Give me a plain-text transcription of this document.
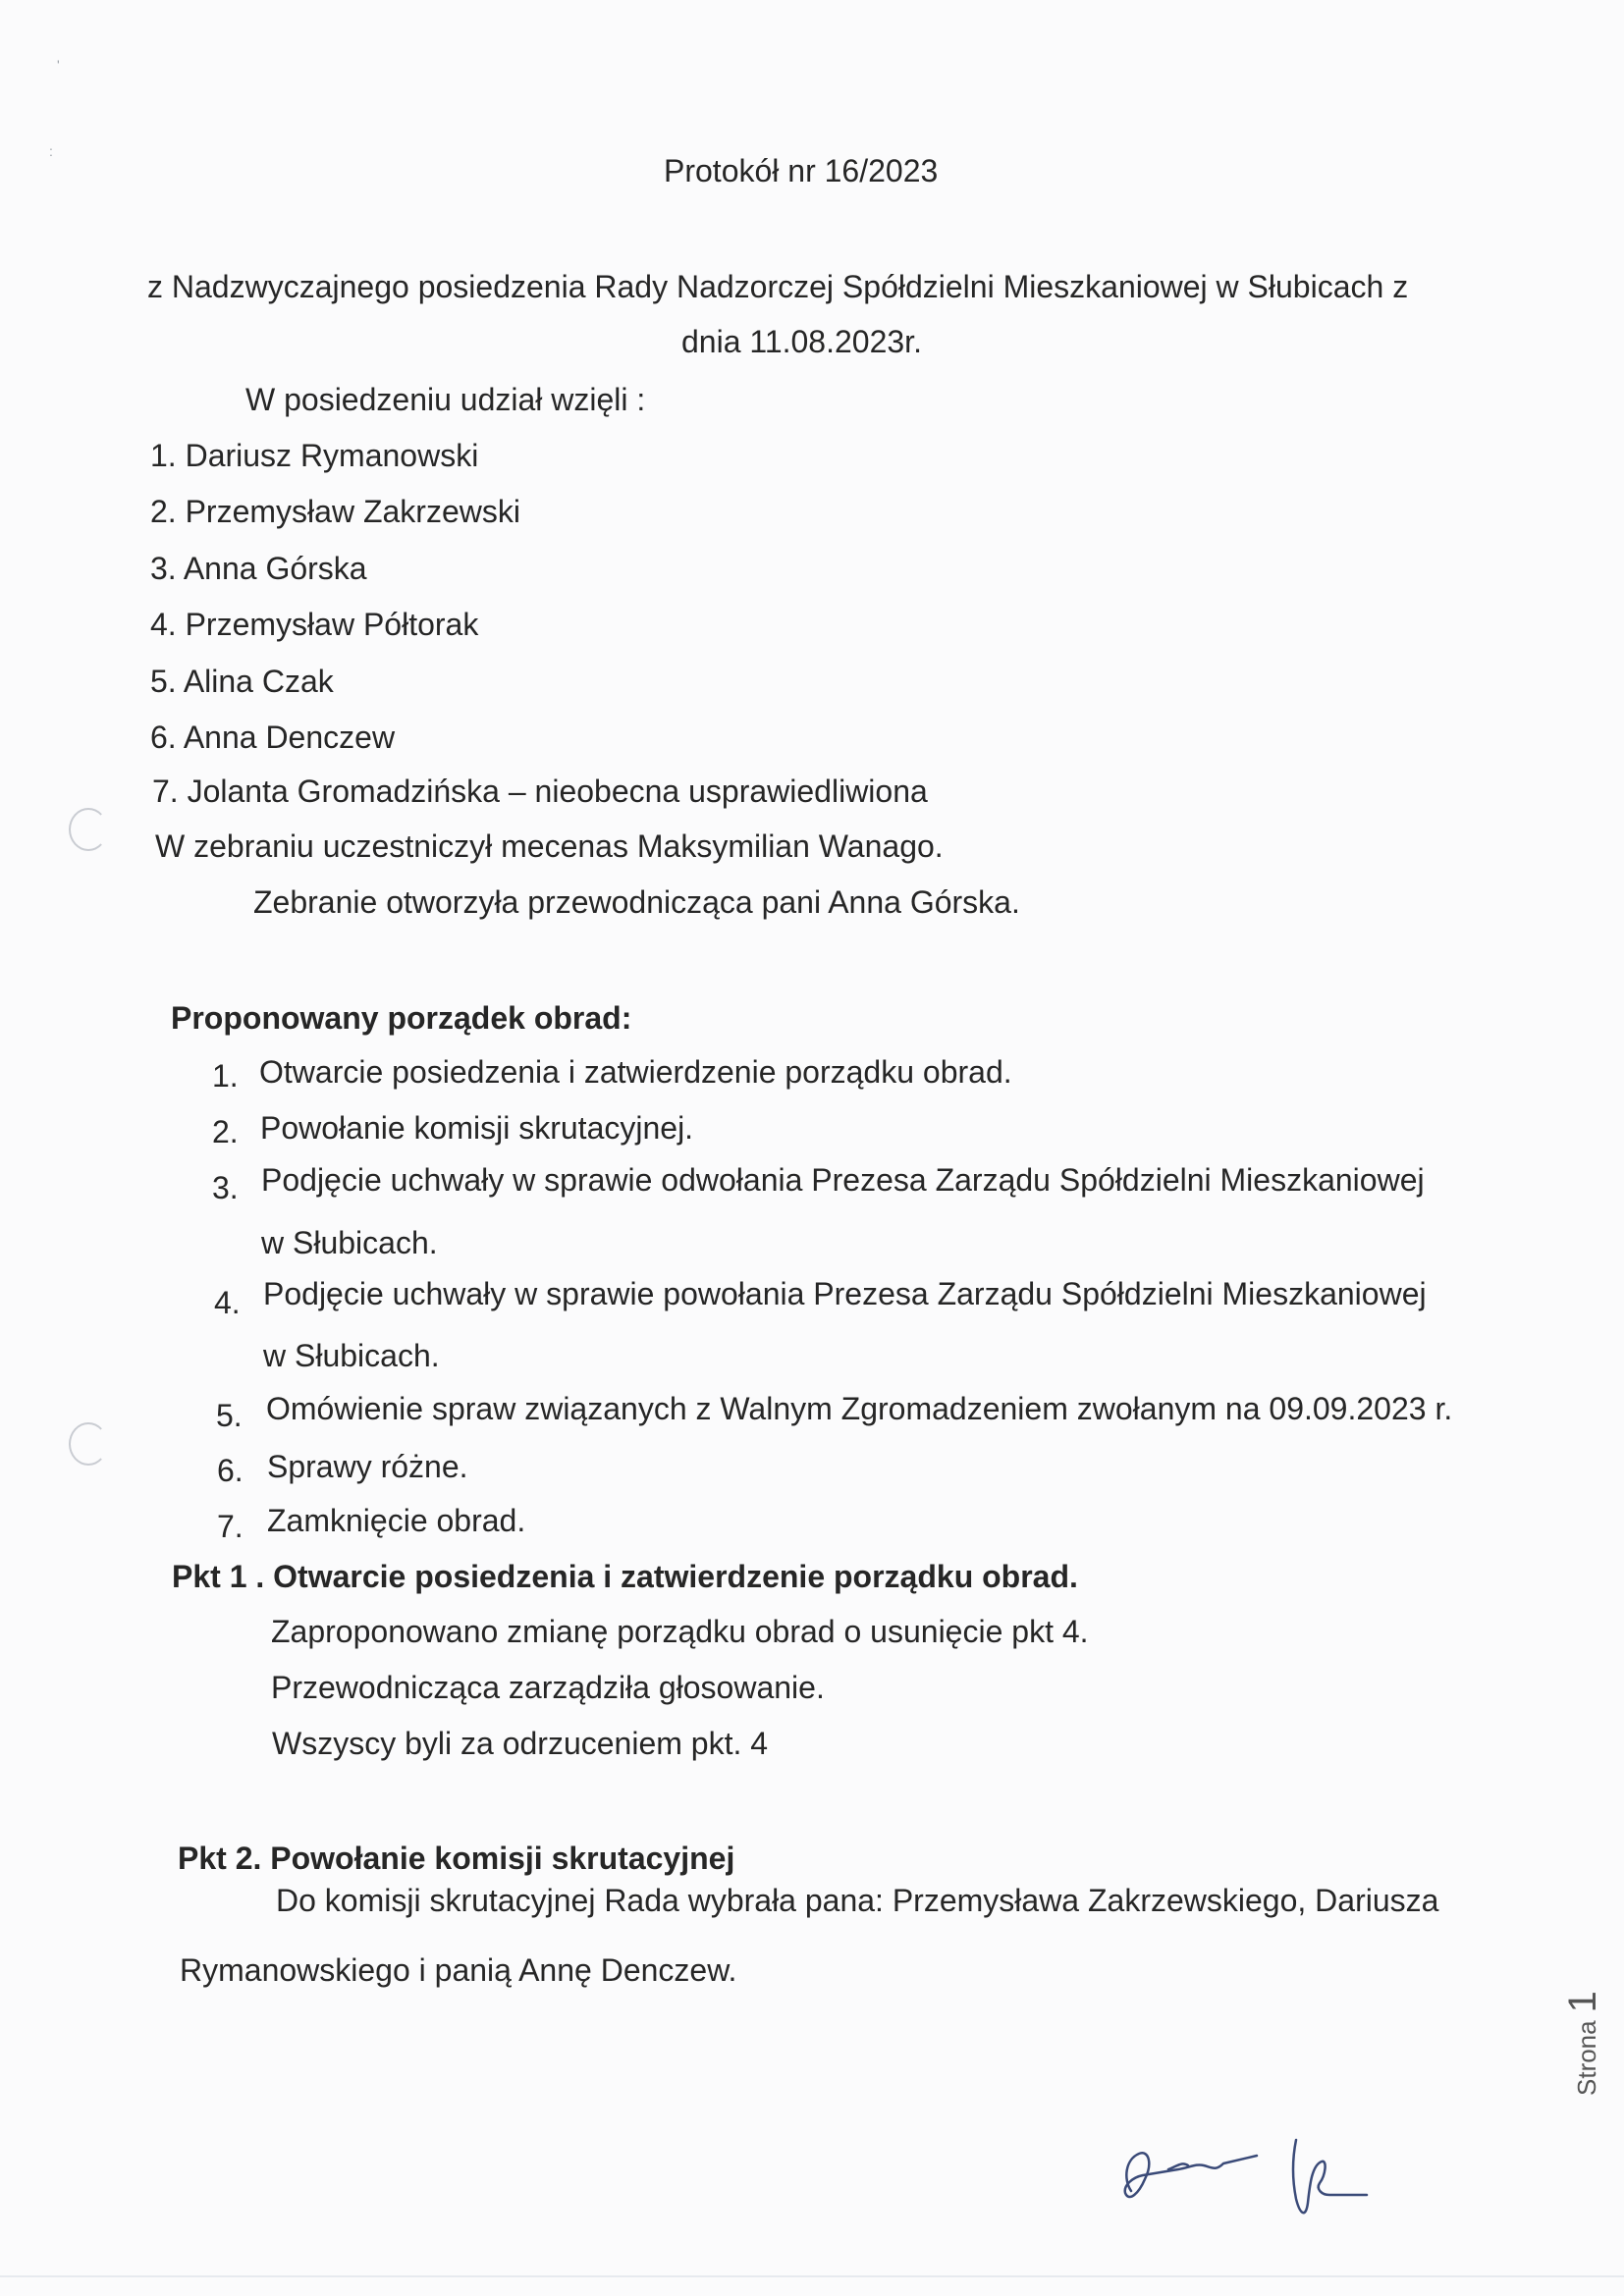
'
:
Protokół nr 16/2023
z Nadzwyczajnego posiedzenia Rady Nadzorczej Spółdzielni Mieszkaniowej w Słubicach z
dnia 11.08.2023r.
W posiedzeniu udział wzięli :
1. Dariusz Rymanowski
2. Przemysław Zakrzewski
3. Anna Górska
4. Przemysław Półtorak
5. Alina Czak
6. Anna Denczew
7. Jolanta Gromadzińska – nieobecna usprawiedliwiona
W zebraniu uczestniczył mecenas Maksymilian Wanago.
Zebranie otworzyła przewodnicząca pani Anna Górska.
Proponowany porządek obrad:
1. Otwarcie posiedzenia i zatwierdzenie porządku obrad.
2. Powołanie komisji skrutacyjnej.
3. Podjęcie uchwały w sprawie odwołania Prezesa Zarządu Spółdzielni Mieszkaniowej
w Słubicach.
4. Podjęcie uchwały w sprawie powołania Prezesa Zarządu Spółdzielni Mieszkaniowej
w Słubicach.
5. Omówienie spraw związanych z Walnym Zgromadzeniem zwołanym na 09.09.2023 r.
6. Sprawy różne.
7. Zamknięcie obrad.
Pkt 1 . Otwarcie posiedzenia i zatwierdzenie porządku obrad.
Zaproponowano zmianę porządku obrad o usunięcie pkt 4.
Przewodnicząca zarządziła głosowanie.
Wszyscy byli za odrzuceniem pkt. 4
Pkt 2. Powołanie komisji skrutacyjnej
Do komisji skrutacyjnej Rada wybrała pana: Przemysława Zakrzewskiego, Dariusza
Rymanowskiego i panią Annę Denczew.
Strona
1
